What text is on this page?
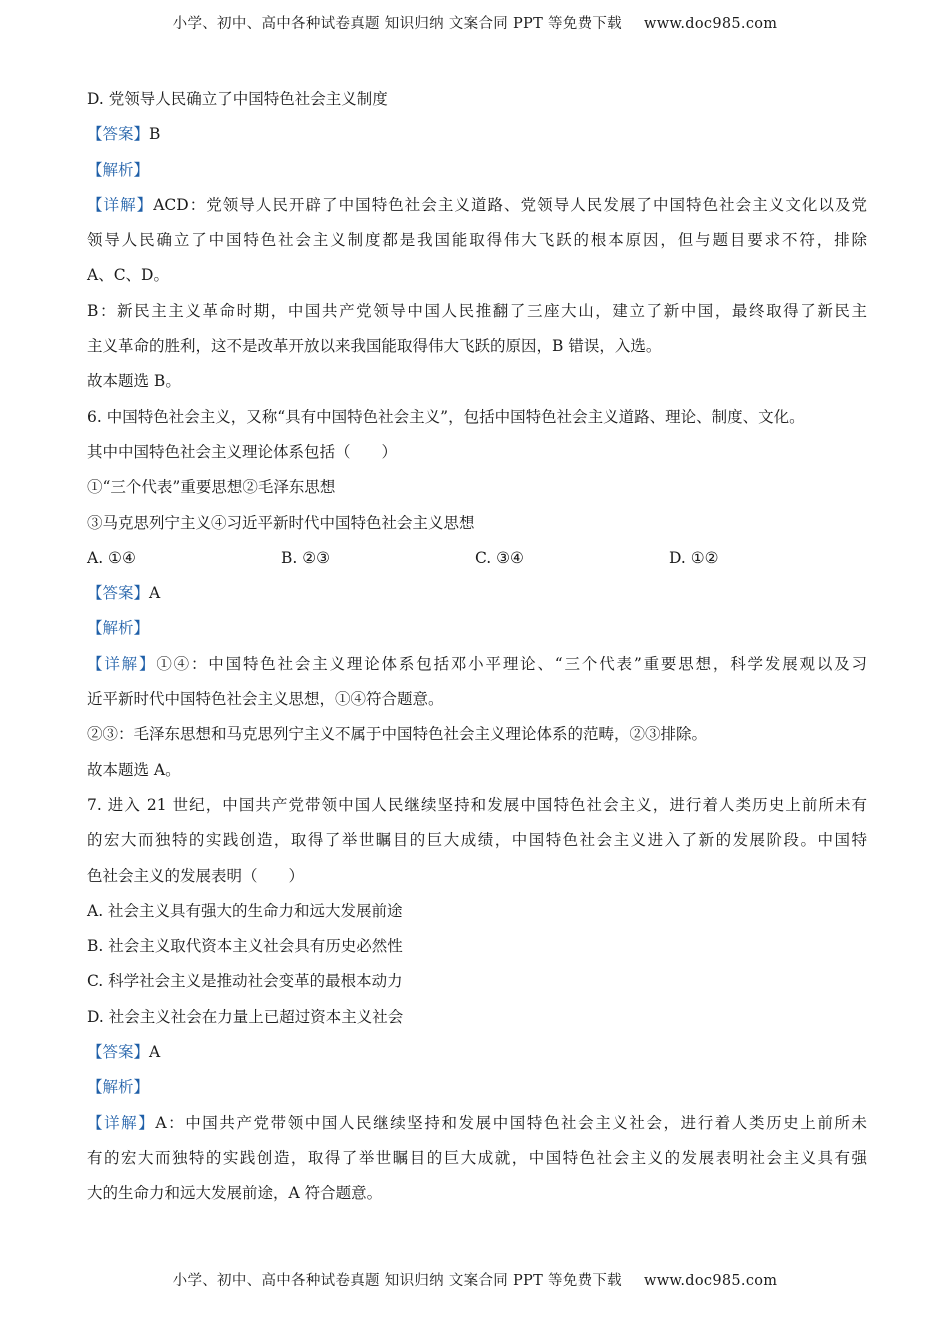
小学、初中、高中各种试卷真题 知识归纳 文案合同 PPT 等免费下载 www.doc985.com
D. 党领导人民确立了中国特色社会主义制度
【答案】B
【解析】
【详解】ACD：党领导人民开辟了中国特色社会主义道路、党领导人民发展了中国特色社会主义文化以及党
领导人民确立了中国特色社会主义制度都是我国能取得伟大飞跃的根本原因，但与题目要求不符，排除
A、C、D。
B：新民主主义革命时期，中国共产党领导中国人民推翻了三座大山，建立了新中国，最终取得了新民主
主义革命的胜利，这不是改革开放以来我国能取得伟大飞跃的原因，B 错误，入选。
故本题选 B。
6. 中国特色社会主义，又称“具有中国特色社会主义”，包括中国特色社会主义道路、理论、制度、文化。
其中中国特色社会主义理论体系包括（　　）
①“三个代表”重要思想②毛泽东思想
③马克思列宁主义④习近平新时代中国特色社会主义思想
A. ①④	B. ②③	C. ③④	D. ①②
【答案】A
【解析】
【详解】①④：中国特色社会主义理论体系包括邓小平理论、“三个代表”重要思想，科学发展观以及习
近平新时代中国特色社会主义思想，①④符合题意。
②③：毛泽东思想和马克思列宁主义不属于中国特色社会主义理论体系的范畴，②③排除。
故本题选 A。
7. 进入 21 世纪，中国共产党带领中国人民继续坚持和发展中国特色社会主义，进行着人类历史上前所未有
的宏大而独特的实践创造，取得了举世瞩目的巨大成绩，中国特色社会主义进入了新的发展阶段。中国特
色社会主义的发展表明（　　）
A. 社会主义具有强大的生命力和远大发展前途
B. 社会主义取代资本主义社会具有历史必然性
C. 科学社会主义是推动社会变革的最根本动力
D. 社会主义社会在力量上已超过资本主义社会
【答案】A
【解析】
【详解】A：中国共产党带领中国人民继续坚持和发展中国特色社会主义社会，进行着人类历史上前所未
有的宏大而独特的实践创造，取得了举世瞩目的巨大成就，中国特色社会主义的发展表明社会主义具有强
大的生命力和远大发展前途，A 符合题意。
小学、初中、高中各种试卷真题 知识归纳 文案合同 PPT 等免费下载 www.doc985.com
